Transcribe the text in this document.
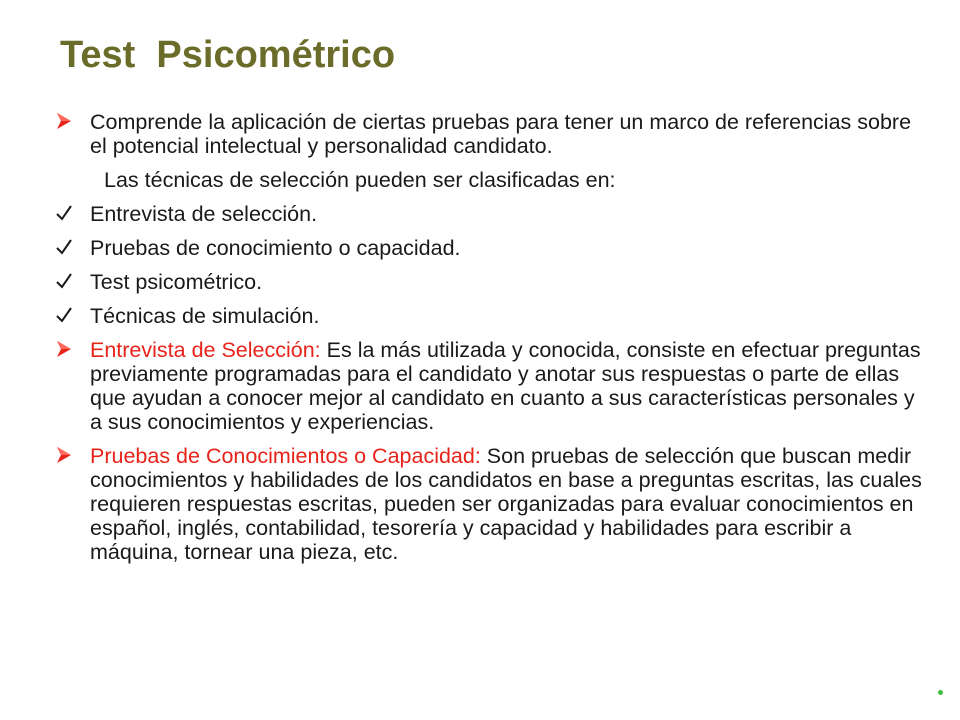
Test  Psicométrico
Comprende la aplicación de ciertas pruebas para tener un marco de referencias sobre el potencial intelectual y personalidad candidato.
Las técnicas de selección pueden ser clasificadas en:
Entrevista de selección.
Pruebas de conocimiento o capacidad.
Test psicométrico.
Técnicas de simulación.
Entrevista de Selección: Es la más utilizada y conocida, consiste en efectuar preguntas previamente programadas para el candidato y anotar sus respuestas o parte de ellas que ayudan a conocer mejor al candidato en cuanto a sus características personales y a sus conocimientos y experiencias.
Pruebas de Conocimientos o Capacidad: Son pruebas de selección que buscan medir conocimientos y habilidades de los candidatos en base a preguntas escritas, las cuales requieren respuestas escritas, pueden ser organizadas para evaluar conocimientos en español, inglés, contabilidad, tesorería y capacidad y habilidades para escribir a máquina, tornear una pieza, etc.
